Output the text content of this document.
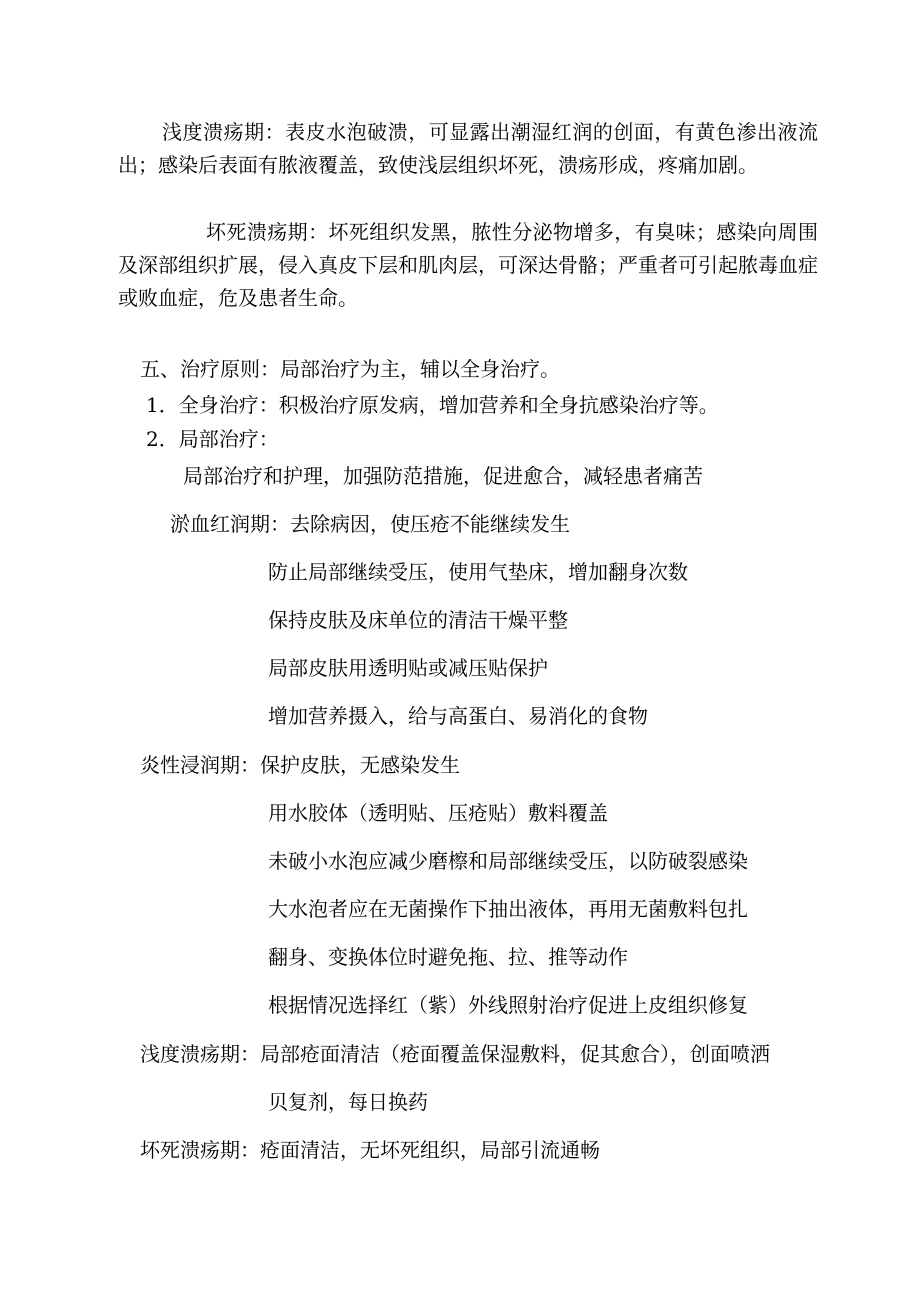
浅度溃疡期：表皮水泡破溃，可显露出潮湿红润的创面，有黄色渗出液流出；感染后表面有脓液覆盖，致使浅层组织坏死，溃疡形成，疼痛加剧。

坏死溃疡期：坏死组织发黑，脓性分泌物增多，有臭味；感染向周围及深部组织扩展，侵入真皮下层和肌肉层，可深达骨骼；严重者可引起脓毒血症或败血症，危及患者生命。

五、治疗原则：局部治疗为主，辅以全身治疗。
1．全身治疗：积极治疗原发病，增加营养和全身抗感染治疗等。
2．局部治疗：
局部治疗和护理，加强防范措施，促进愈合，减轻患者痛苦
淤血红润期：去除病因，使压疮不能继续发生
防止局部继续受压，使用气垫床，增加翻身次数
保持皮肤及床单位的清洁干燥平整
局部皮肤用透明贴或减压贴保护
增加营养摄入，给与高蛋白、易消化的食物
炎性浸润期：保护皮肤，无感染发生
用水胶体（透明贴、压疮贴）敷料覆盖
未破小水泡应减少磨檫和局部继续受压，以防破裂感染
大水泡者应在无菌操作下抽出液体，再用无菌敷料包扎
翻身、变换体位时避免拖、拉、推等动作
根据情况选择红（紫）外线照射治疗促进上皮组织修复
浅度溃疡期：局部疮面清洁（疮面覆盖保湿敷料，促其愈合），创面喷洒
贝复剂，每日换药
坏死溃疡期：疮面清洁，无坏死组织，局部引流通畅
